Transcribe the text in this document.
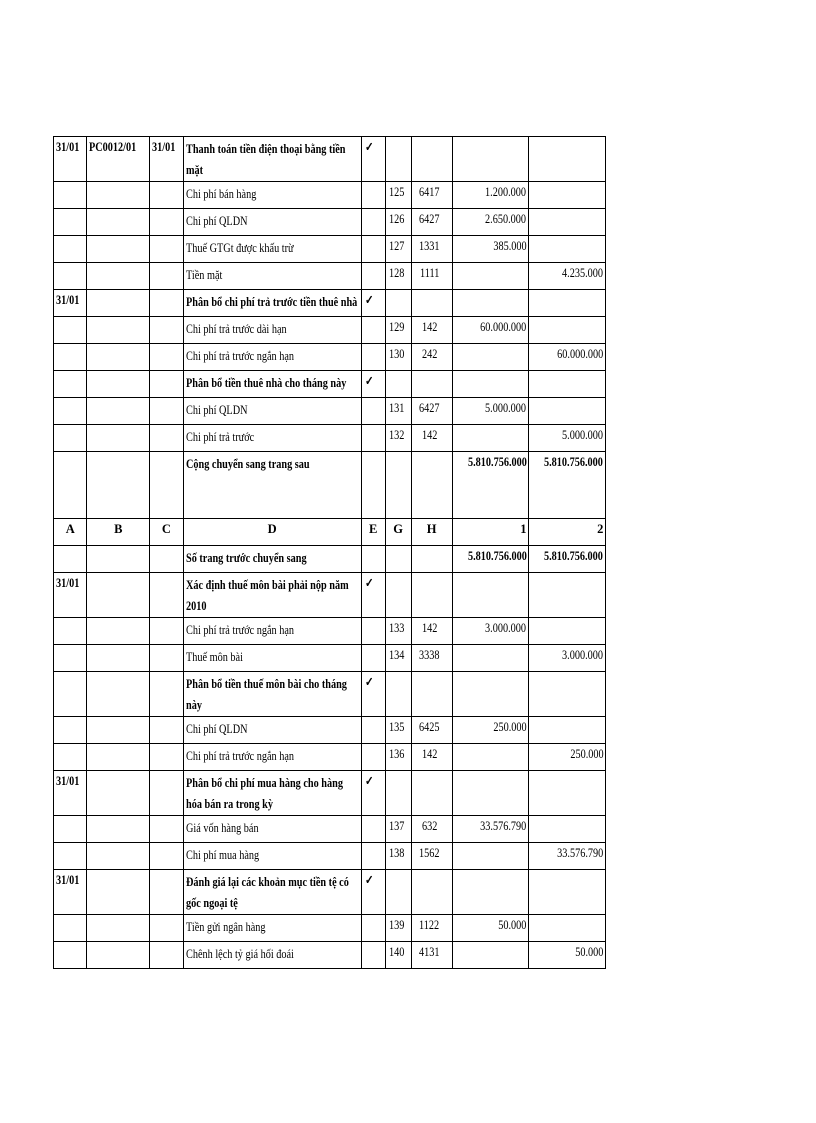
31/01	PC0012/01	31/01	Thanh toán tiền điện thoại bằng tiền mặt	✓				

			Chi phí bán hàng		125	6417	1.200.000	

			Chi phí QLDN		126	6427	2.650.000	

			Thuế GTGt được khấu trừ		127	1331	385.000	

			Tiền mặt		128	1111		4.235.000
31/01			Phân bổ chi phí trả trước tiền thuê nhà	✓				

			Chi phí trả trước dài hạn		129	142	60.000.000	

			Chi phí trả trước ngắn hạn		130	242		60.000.000

			Phân bổ tiền thuê nhà cho tháng này	✓				

			Chi phí QLDN		131	6427	5.000.000	

			Chi phí trả trước		132	142		5.000.000

			Cộng chuyển sang trang sau				5.810.756.000	5.810.756.000
A	B	C	D	E	G	H	1	2

			Số trang trước chuyển sang				5.810.756.000	5.810.756.000
31/01			Xác định thuế môn bài phải nộp năm 2010	✓				

			Chi phí trả trước ngắn hạn		133	142	3.000.000	

			Thuế môn bài		134	3338		3.000.000

			Phân bổ tiền thuế môn bài cho tháng này	✓				

			Chi phí QLDN		135	6425	250.000	

			Chi phí trả trước ngắn hạn		136	142		250.000
31/01			Phân bổ chi phí mua hàng cho hàng hóa bán ra trong kỳ	✓				

			Giá vốn hàng bán		137	632	33.576.790	

			Chi phí mua hàng		138	1562		33.576.790
31/01			Đánh giá lại các khoản mục tiền tệ có gốc ngoại tệ	✓				

			Tiền gửi ngân hàng		139	1122	50.000	

			Chênh lệch tỷ giá hối đoái		140	4131		50.000
